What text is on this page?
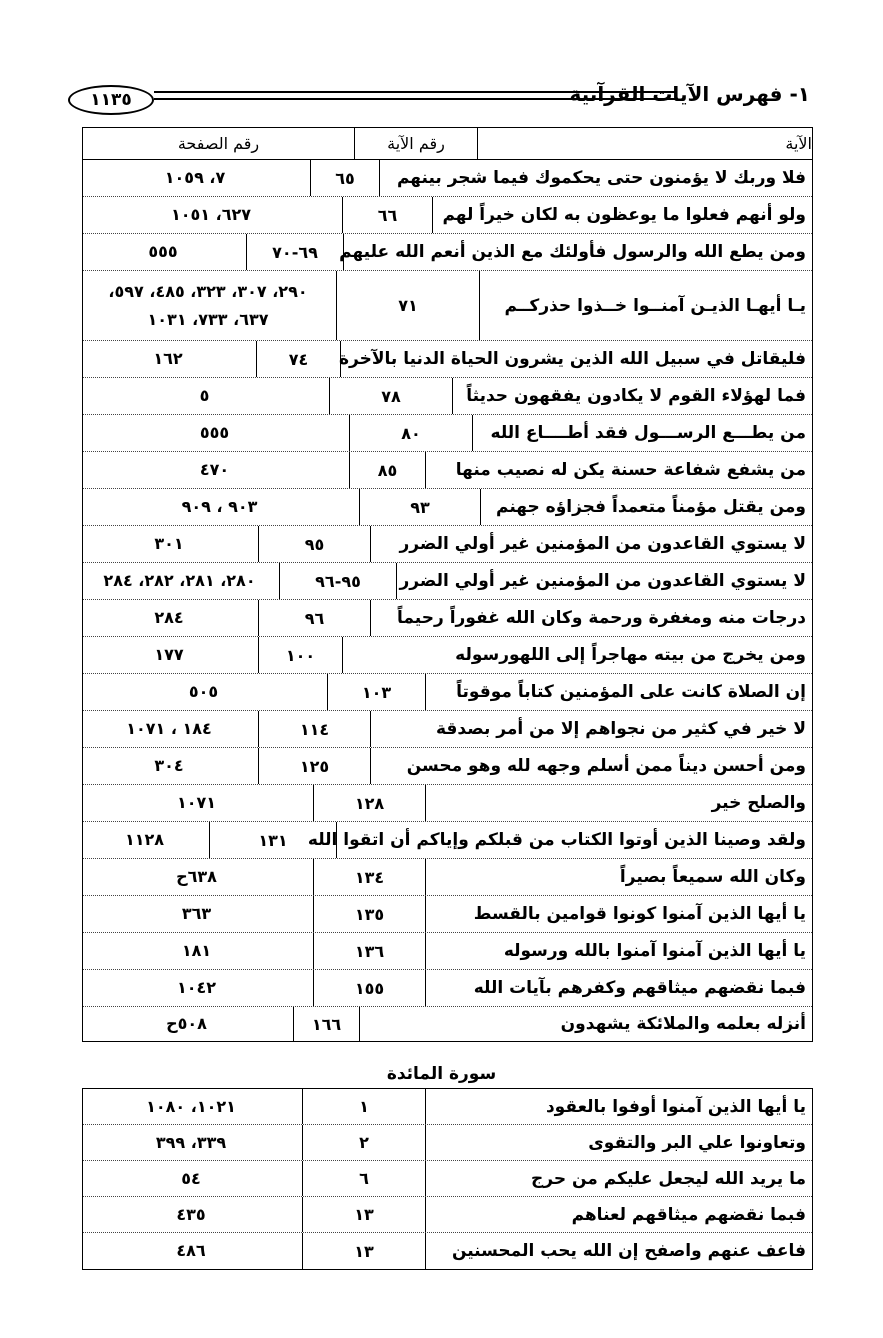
١١٣٥	١- فهرس الآيات القرآنية
الآية
رقم الآية
رقم الصفحة
فلا وربك لا يؤمنون حتى يحكموك فيما شجر بينهم
٦٥
٧، ١٠٥٩
ولو أنهم فعلوا ما يوعظون به لكان خيراً لهم
٦٦
٦٢٧، ١٠٥١
ومن يطع الله والرسول فأولئك مع الذين أنعم الله عليهم
٦٩-٧٠
٥٥٥
يـا أيهـا الذيـن آمنــوا خــذوا حذركــم
٧١
٢٩٠، ٣٠٧، ٣٢٣، ٤٨٥، ٥٩٧، ٦٣٧، ٧٣٣، ١٠٣١
فليقاتل في سبيل الله الذين يشرون الحياة الدنيا بالآخرة
٧٤
١٦٢
فما لهؤلاء القوم لا يكادون يفقهون حديثاً
٧٨
٥
من يطـــع الرســـول فقد أطــــاع الله
٨٠
٥٥٥
من يشفع شفاعة حسنة يكن له نصيب منها
٨٥
٤٧٠
ومن يقتل مؤمناً متعمداً فجزاؤه جهنم
٩٣
٩٠٣ ، ٩٠٩
لا يستوي القاعدون من المؤمنين غير أولي الضرر
٩٥
٣٠١
لا يستوي القاعدون من المؤمنين غير أولي الضرر
٩٥-٩٦
٢٨٠، ٢٨١، ٢٨٢، ٢٨٤
درجات منه ومغفرة ورحمة وكان الله غفوراً رحيماً
٩٦
٢٨٤
ومن يخرج من بيته مهاجراً إلى اللهورسوله
١٠٠
١٧٧
إن الصلاة كانت على المؤمنين كتاباً موقوتاً
١٠٣
٥٠٥
لا خير في كثير من نجواهم إلا من أمر بصدقة
١١٤
١٨٤ ، ١٠٧١
ومن أحسن ديناً ممن أسلم وجهه لله وهو محسن
١٢٥
٣٠٤
والصلح خير
١٢٨
١٠٧١
ولقد وصينا الذين أوتوا الكتاب من قبلكم وإياكم أن اتقوا الله
١٣١
١١٢٨
وكان الله سميعاً بصيراً
١٣٤
٦٣٨ح
يا أيها الذين آمنوا كونوا قوامين بالقسط
١٣٥
٣٦٣
يا أيها الذين آمنوا آمنوا بالله ورسوله
١٣٦
١٨١
فبما نقضهم ميثاقهم وكفرهم بآيات الله
١٥٥
١٠٤٢
أنزله بعلمه والملائكة يشهدون
١٦٦
٥٠٨ح
سورة المائدة
يا أيها الذين آمنوا أوفوا بالعقود
١
١٠٢١، ١٠٨٠
وتعاونوا علي البر والتقوى
٢
٣٣٩، ٣٩٩
ما يريد الله ليجعل عليكم من حرج
٦
٥٤
فبما نقضهم ميثاقهم لعناهم
١٣
٤٣٥
فاعف عنهم واصفح إن الله يحب المحسنين
١٣
٤٨٦
